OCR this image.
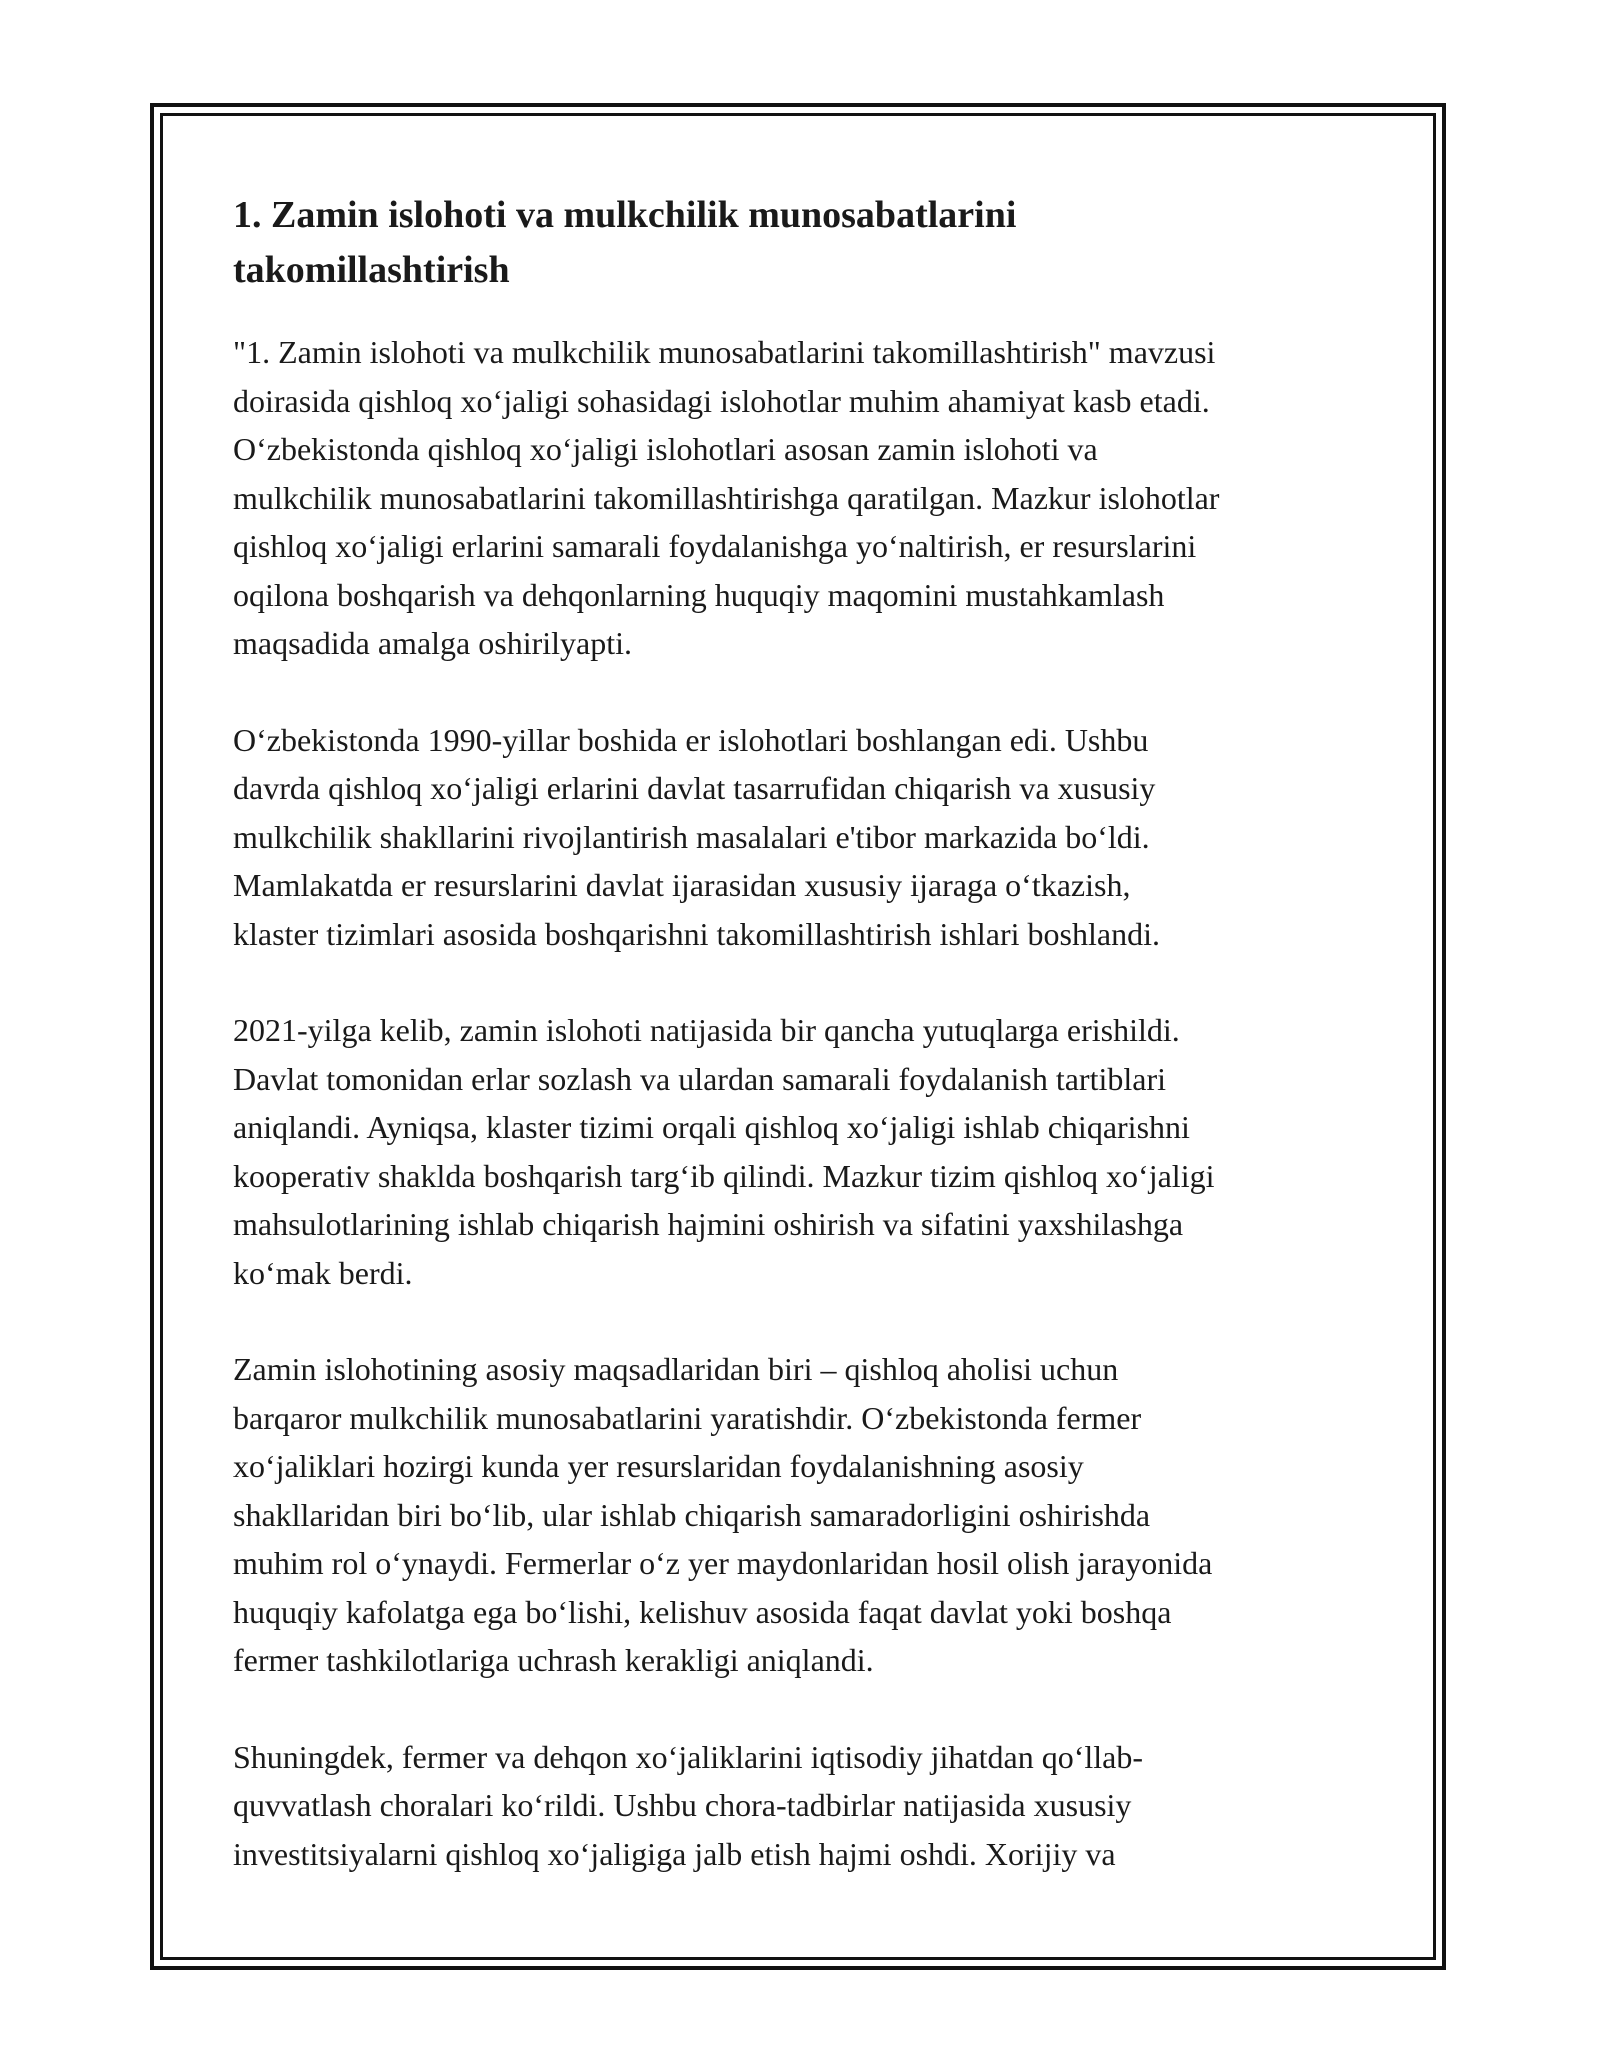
1. Zamin islohoti va mulkchilik munosabatlarini takomillashtirish

"1. Zamin islohoti va mulkchilik munosabatlarini takomillashtirish" mavzusi
doirasida qishloq xo‘jaligi sohasidagi islohotlar muhim ahamiyat kasb etadi.
O‘zbekistonda qishloq xo‘jaligi islohotlari asosan zamin islohoti va
mulkchilik munosabatlarini takomillashtirishga qaratilgan. Mazkur islohotlar
qishloq xo‘jaligi erlarini samarali foydalanishga yo‘naltirish, er resurslarini
oqilona boshqarish va dehqonlarning huquqiy maqomini mustahkamlash
maqsadida amalga oshirilyapti.

O‘zbekistonda 1990-yillar boshida er islohotlari boshlangan edi. Ushbu
davrda qishloq xo‘jaligi erlarini davlat tasarrufidan chiqarish va xususiy
mulkchilik shakllarini rivojlantirish masalalari e'tibor markazida bo‘ldi.
Mamlakatda er resurslarini davlat ijarasidan xususiy ijaraga o‘tkazish,
klaster tizimlari asosida boshqarishni takomillashtirish ishlari boshlandi.

2021-yilga kelib, zamin islohoti natijasida bir qancha yutuqlarga erishildi.
Davlat tomonidan erlar sozlash va ulardan samarali foydalanish tartiblari
aniqlandi. Ayniqsa, klaster tizimi orqali qishloq xo‘jaligi ishlab chiqarishni
kooperativ shaklda boshqarish targ‘ib qilindi. Mazkur tizim qishloq xo‘jaligi
mahsulotlarining ishlab chiqarish hajmini oshirish va sifatini yaxshilashga
ko‘mak berdi.

Zamin islohotining asosiy maqsadlaridan biri – qishloq aholisi uchun
barqaror mulkchilik munosabatlarini yaratishdir. O‘zbekistonda fermer
xo‘jaliklari hozirgi kunda yer resurslaridan foydalanishning asosiy
shakllaridan biri bo‘lib, ular ishlab chiqarish samaradorligini oshirishda
muhim rol o‘ynaydi. Fermerlar o‘z yer maydonlaridan hosil olish jarayonida
huquqiy kafolatga ega bo‘lishi, kelishuv asosida faqat davlat yoki boshqa
fermer tashkilotlariga uchrash kerakligi aniqlandi.

Shuningdek, fermer va dehqon xo‘jaliklarini iqtisodiy jihatdan qo‘llab-
quvvatlash choralari ko‘rildi. Ushbu chora-tadbirlar natijasida xususiy
investitsiyalarni qishloq xo‘jaligiga jalb etish hajmi oshdi. Xorijiy va
